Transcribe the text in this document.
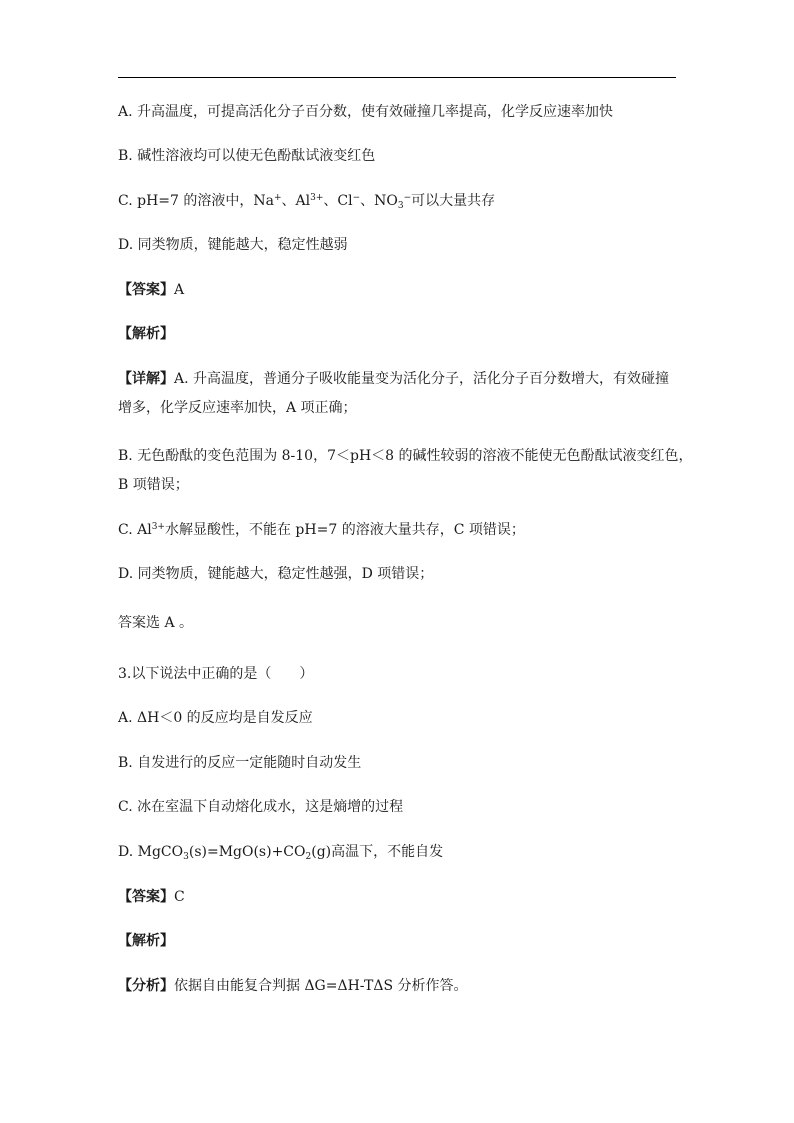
A. 升高温度，可提高活化分子百分数，使有效碰撞几率提高，化学反应速率加快
B. 碱性溶液均可以使无色酚酞试液变红色
C. pH=7 的溶液中，Na+、$Al^{3+}$、Cl−、$NO_3^-$可以大量共存
D. 同类物质，键能越大，稳定性越弱
【答案】A
【解析】
【详解】A. 升高温度，普通分子吸收能量变为活化分子，活化分子百分数增大，有效碰撞
增多，化学反应速率加快，A 项正确；
B. 无色酚酞的变色范围为 8-10，7＜pH＜8 的碱性较弱的溶液不能使无色酚酞试液变红色，
B 项错误；
C. $Al^{3+}$水解显酸性，不能在 pH=7 的溶液大量共存，C 项错误；
D. 同类物质，键能越大，稳定性越强，D 项错误；
答案选 A 。
3.以下说法中正确的是（　　）
A. ΔH＜0 的反应均是自发反应
B. 自发进行的反应一定能随时自动发生
C. 冰在室温下自动熔化成水，这是熵增的过程
D. $MgCO_3(s)=MgO(s)+CO_2(g)$高温下，不能自发
【答案】C
【解析】
【分析】依据自由能复合判据 ΔG=ΔH-TΔS 分析作答。
